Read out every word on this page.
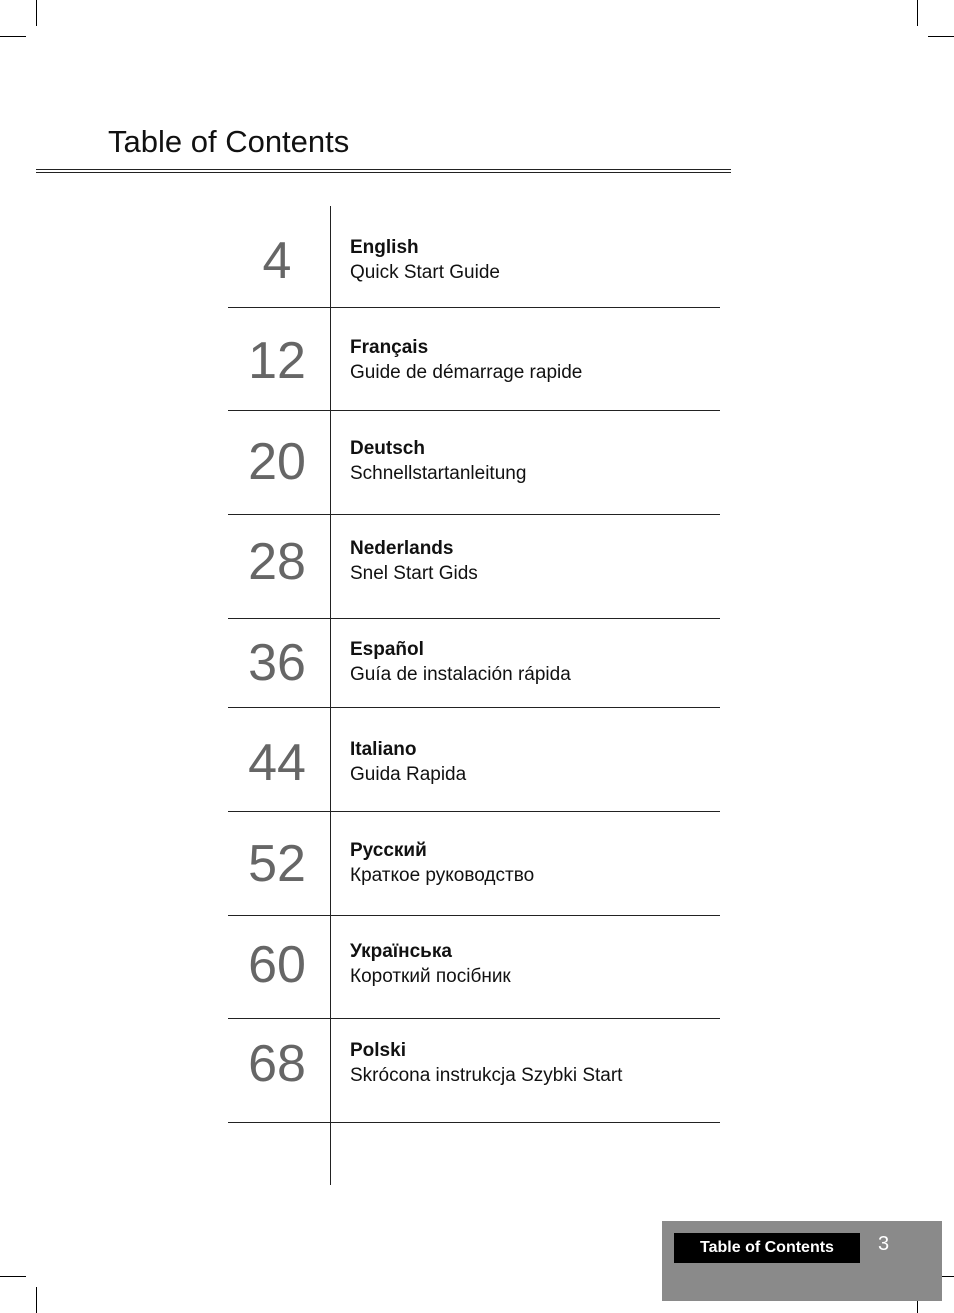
Table of Contents
4	English
Quick Start Guide
12	Français
Guide de démarrage rapide
20	Deutsch
Schnellstartanleitung
28	Nederlands
Snel Start Gids
36	Español
Guía de instalación rápida
44	Italiano
Guida Rapida
52	Русский
Краткое руководство
60	Українська
Короткий посібник
68	Polski
Skrócona instrukcja Szybki Start
Table of Contents	3
